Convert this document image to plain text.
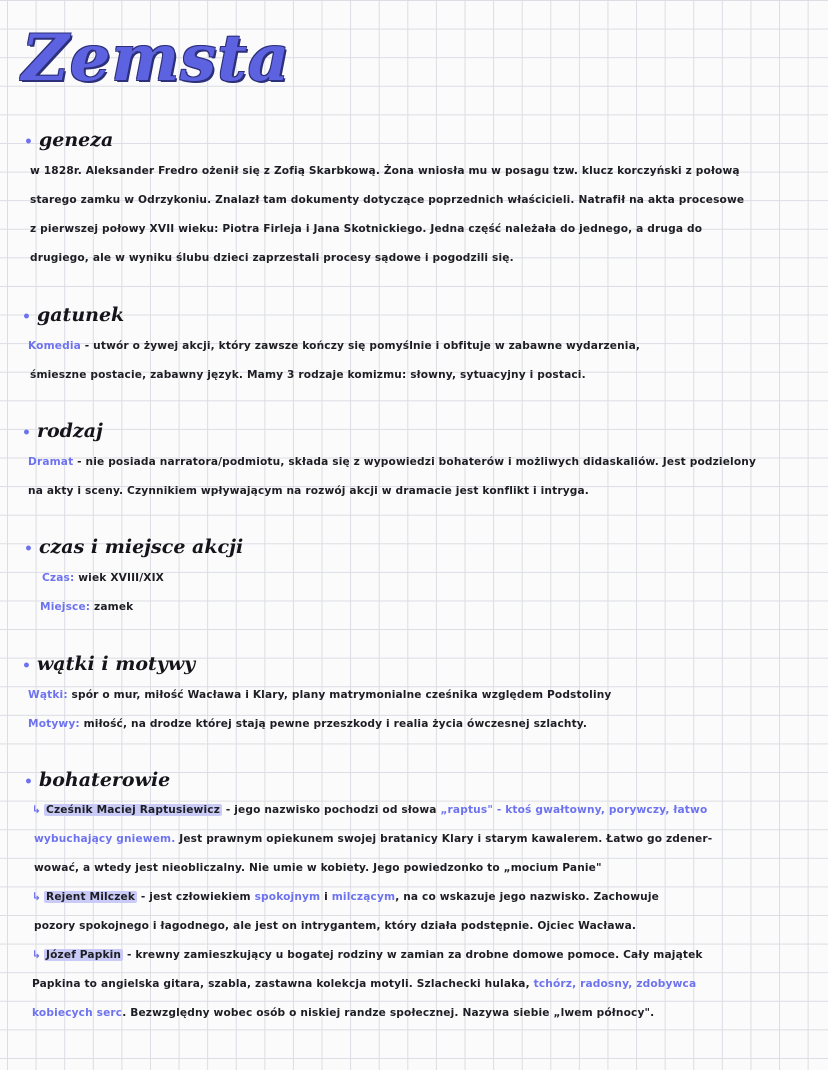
Zemsta
• geneza
w 1828r. Aleksander Fredro ożenił się z Zofią Skarbkową. Żona wniosła mu w posagu tzw. klucz korczyński z połową
starego zamku w Odrzykoniu. Znalazł tam dokumenty dotyczące poprzednich właścicieli. Natrafił na akta procesowe
z pierwszej połowy XVII wieku: Piotra Firleja i Jana Skotnickiego. Jedna część należała do jednego, a druga do
drugiego, ale w wyniku ślubu dzieci zaprzestali procesy sądowe i pogodzili się.
• gatunek
Komedia - utwór o żywej akcji, który zawsze kończy się pomyślnie i obfituje w zabawne wydarzenia,
śmieszne postacie, zabawny język. Mamy 3 rodzaje komizmu: słowny, sytuacyjny i postaci.
• rodzaj
Dramat - nie posiada narratora/podmiotu, składa się z wypowiedzi bohaterów i możliwych didaskaliów. Jest podzielony
na akty i sceny. Czynnikiem wpływającym na rozwój akcji w dramacie jest konflikt i intryga.
• czas i miejsce akcji
Czas: wiek XVIII/XIX
Miejsce: zamek
• wątki i motywy
Wątki: spór o mur, miłość Wacława i Klary, plany matrymonialne cześnika względem Podstoliny
Motywy: miłość, na drodze której stają pewne przeszkody i realia życia ówczesnej szlachty.
• bohaterowie
↳ Cześnik Maciej Raptusiewicz - jego nazwisko pochodzi od słowa „raptus" - ktoś gwałtowny, porywczy, łatwo
wybuchający gniewem. Jest prawnym opiekunem swojej bratanicy Klary i starym kawalerem. Łatwo go zdener-
wować, a wtedy jest nieobliczalny. Nie umie w kobiety. Jego powiedzonko to „mocium Panie"
↳ Rejent Milczek - jest człowiekiem spokojnym i milczącym, na co wskazuje jego nazwisko. Zachowuje
pozory spokojnego i łagodnego, ale jest on intrygantem, który działa podstępnie. Ojciec Wacława.
↳ Józef Papkin - krewny zamieszkujący u bogatej rodziny w zamian za drobne domowe pomoce. Cały majątek
Papkina to angielska gitara, szabla, zastawna kolekcja motyli. Szlachecki hulaka, tchórz, radosny, zdobywca
kobiecych serc. Bezwzględny wobec osób o niskiej randze społecznej. Nazywa siebie „lwem północy".
